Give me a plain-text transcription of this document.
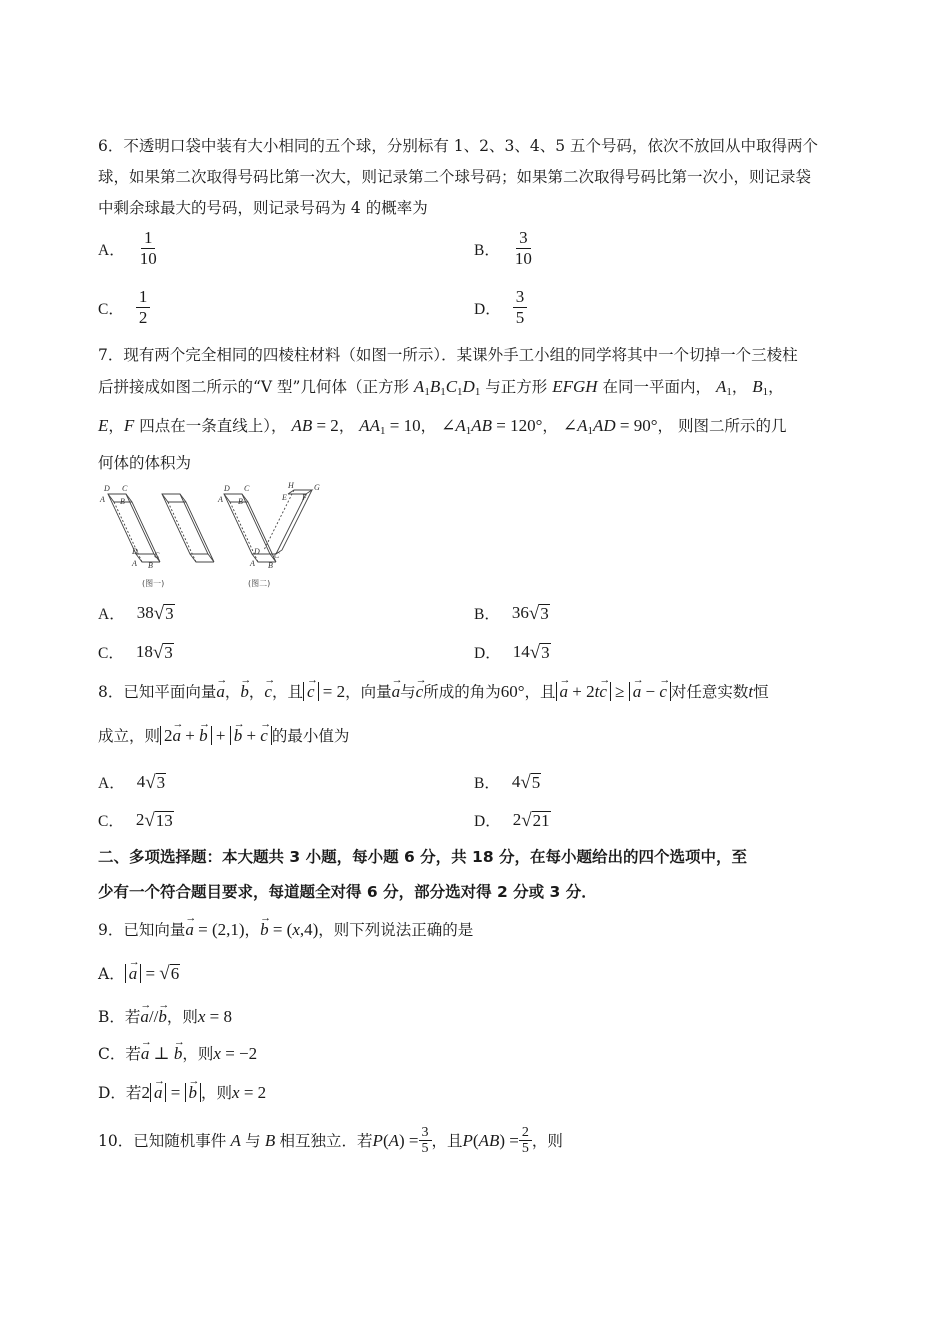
6．不透明口袋中装有大小相同的五个球，分别标有 1、2、3、4、5 五个号码，依次不放回从中取得两个
球，如果第二次取得号码比第一次大，则记录第二个球号码；如果第二次取得号码比第一次小，则记录袋
中剩余球最大的号码，则记录号码为 4 的概率为
A． $\frac{1}{10}$	B． $\frac{3}{10}$
C． $\frac{1}{2}$	D． $\frac{3}{5}$
7．现有两个完全相同的四棱柱材料（如图一所示）．某课外手工小组的同学将其中一个切掉一个三棱柱
后拼接成如图二所示的“V 型”几何体（正方形 $A_1B_1C_1D_1$ 与正方形 EFGH 在同一平面内， $A_1$， $B_1$，
E，F 四点在一条直线上）， AB = 2， $AA_1 = 10$， $\angle A_1AB = 120^\circ$， $\angle A_1AD = 90^\circ$， 则图二所示的几
何体的体积为
D C
A B
D C
A B
D C
A B
H	G
E F
D C
A B
(图一)	(图二)
A． 38 √ 3	B． 36 √ 3
C． 18 √ 3	D． 14 √ 3
8．已知平面向量→ a，→ b，→ c，且 → c = 2，向量→ a与→ c所成的角为60°，且 → a + 2t→ c ≥ → a − → c 对任意实数t恒
成立，则 2→ a + → b + → b + → c 的最小值为
A． 4 √ 3	B． 4 √ 5
C． 2 √ 13	D． 2 √ 21
二、多项选择题：本大题共 3 小题，每小题 6 分，共 18 分，在每小题给出的四个选项中，至
少有一个符合题目要求，每道题全对得 6 分，部分选对得 2 分或 3 分．
9．已知向量→ a = (2,1)，→ b = (x,4)，则下列说法正确的是
A． → a = √ 6
B．若→ a//→ b，则x = 8
C．若→ a ⊥ → b，则x = −2
D．若2 → a = → b ，则x = 2
10．已知随机事件 A 与 B 相互独立．若 P $(A) = \frac{3}{5}$ ，且 P $(AB) = \frac{2}{5}$ ，则
